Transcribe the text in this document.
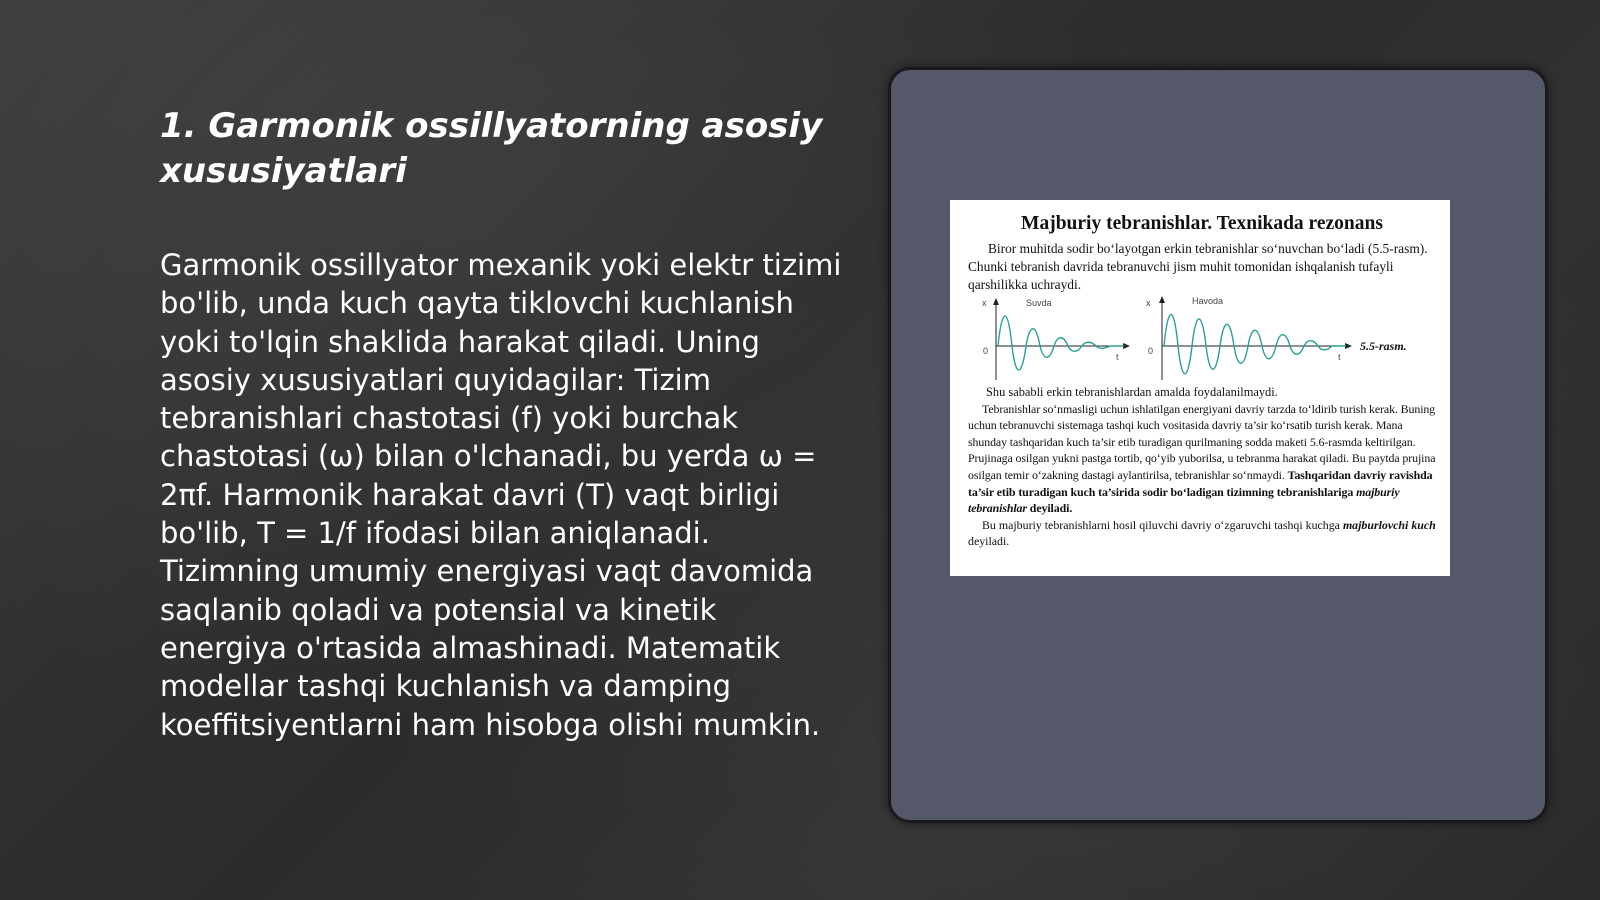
1. Garmonik ossillyatorning asosiy xususiyatlari

Garmonik ossillyator mexanik yoki elektr tizimi bo'lib, unda kuch qayta tiklovchi kuchlanish yoki to'lqin shaklida harakat qiladi. Uning asosiy xususiyatlari quyidagilar: Tizim tebranishlari chastotasi (f) yoki burchak chastotasi (ω) bilan o'lchanadi, bu yerda ω = 2πf. Harmonik harakat davri (T) vaqt birligi bo'lib, T = 1/f ifodasi bilan aniqlanadi. Tizimning umumiy energiyasi vaqt davomida saqlanib qoladi va potensial va kinetik energiya o'rtasida almashinadi. Matematik modellar tashqi kuchlanish va damping koeffitsiyentlarni ham hisobga olishi mumkin.

Majburiy tebranishlar. Texnikada rezonans

Biror muhitda sodir bo‘layotgan erkin tebranishlar so‘nuvchan bo‘ladi (5.5-rasm). Chunki tebranish davrida tebranuvchi jism muhit tomonidan ishqalanish tufayli qarshilikka uchraydi.

x
0
t
Suvda	x
0
t
Havoda
5.5-rasm.

Shu sababli erkin tebranishlardan amalda foydalanilmaydi.

Tebranishlar so‘nmasligi uchun ishlatilgan energiyani davriy tarzda to‘ldirib turish kerak. Buning uchun tebranuvchi sistemaga tashqi kuch vositasida davriy ta’sir ko‘rsatib turish kerak. Mana shunday tashqaridan kuch ta’sir etib turadigan qurilmaning sodda maketi 5.6-rasmda keltirilgan. Prujinaga osilgan yukni pastga tortib, qo‘yib yuborilsa, u tebranma harakat qiladi. Bu paytda prujina osilgan temir o‘zakning dastagi aylantirilsa, tebranishlar so‘nmaydi. Tashqaridan davriy ravishda ta’sir etib turadigan kuch ta’sirida sodir bo‘ladigan tizimning tebranishlariga majburiy tebranishlar deyiladi.

Bu majburiy tebranishlarni hosil qiluvchi davriy o‘zgaruvchi tashqi kuchga majburlovchi kuch deyiladi.
